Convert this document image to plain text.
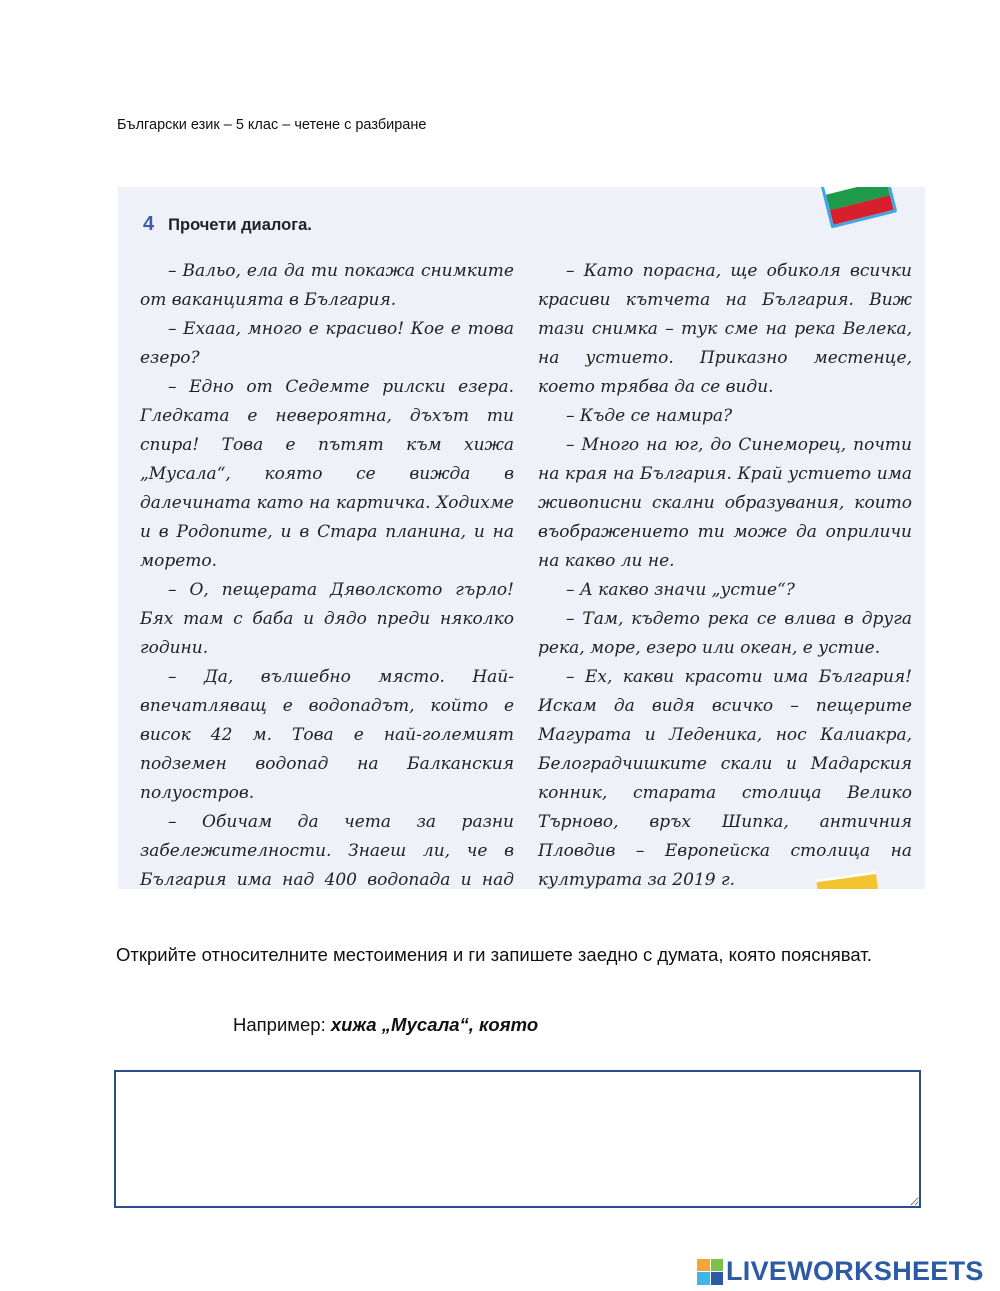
Български език – 5 клас – четене с разбиране
4 Прочети диалога.

– Вальо, ела да ти покажа снимките от ваканцията в България.

– Ехааа, много е красиво! Кое е това езеро?

– Едно от Седемте рилски езера. Гледката е невероятна, дъхът ти спира! Това е пътят към хижа „Мусала“, която се вижда в далечината като на картичка. Ходихме и в Родопите, и в Стара планина, и на морето.

– О, пещерата Дяволското гърло! Бях там с баба и дядо преди няколко години.

– Да, вълшебно място. Най-впечатляващ е водопадът, който е висок 42 м. Това е най-големият подземен водопад на Балканския полуостров.

– Обичам да чета за разни забележителности. Знаеш ли, че в България има над 400 водопада и над

– Като порасна, ще обиколя всички красиви кътчета на България. Виж тази снимка – тук сме на река Велека, на устието. Приказно местенце, което трябва да се види.

– Къде се намира?

– Много на юг, до Синеморец, почти на края на България. Край устието има живописни скални образувания, които въображението ти може да оприличи на какво ли не.

– А какво значи „устие“?

– Там, където река се влива в друга река, море, езеро или океан, е устие.

– Ех, какви красоти има България! Искам да видя всичко – пещерите Магурата и Леденика, нос Калиакра, Белоградчишките скали и Мадарския конник, старата столица Велико Търново, връх Шипка, античния Пловдив – Европейска столица на културата за 2019 г.

Открийте относителните местоимения и ги запишете заедно с думата, която поясняват.
Например: хижа „Мусала“, която
LIVEWORKSHEETS
